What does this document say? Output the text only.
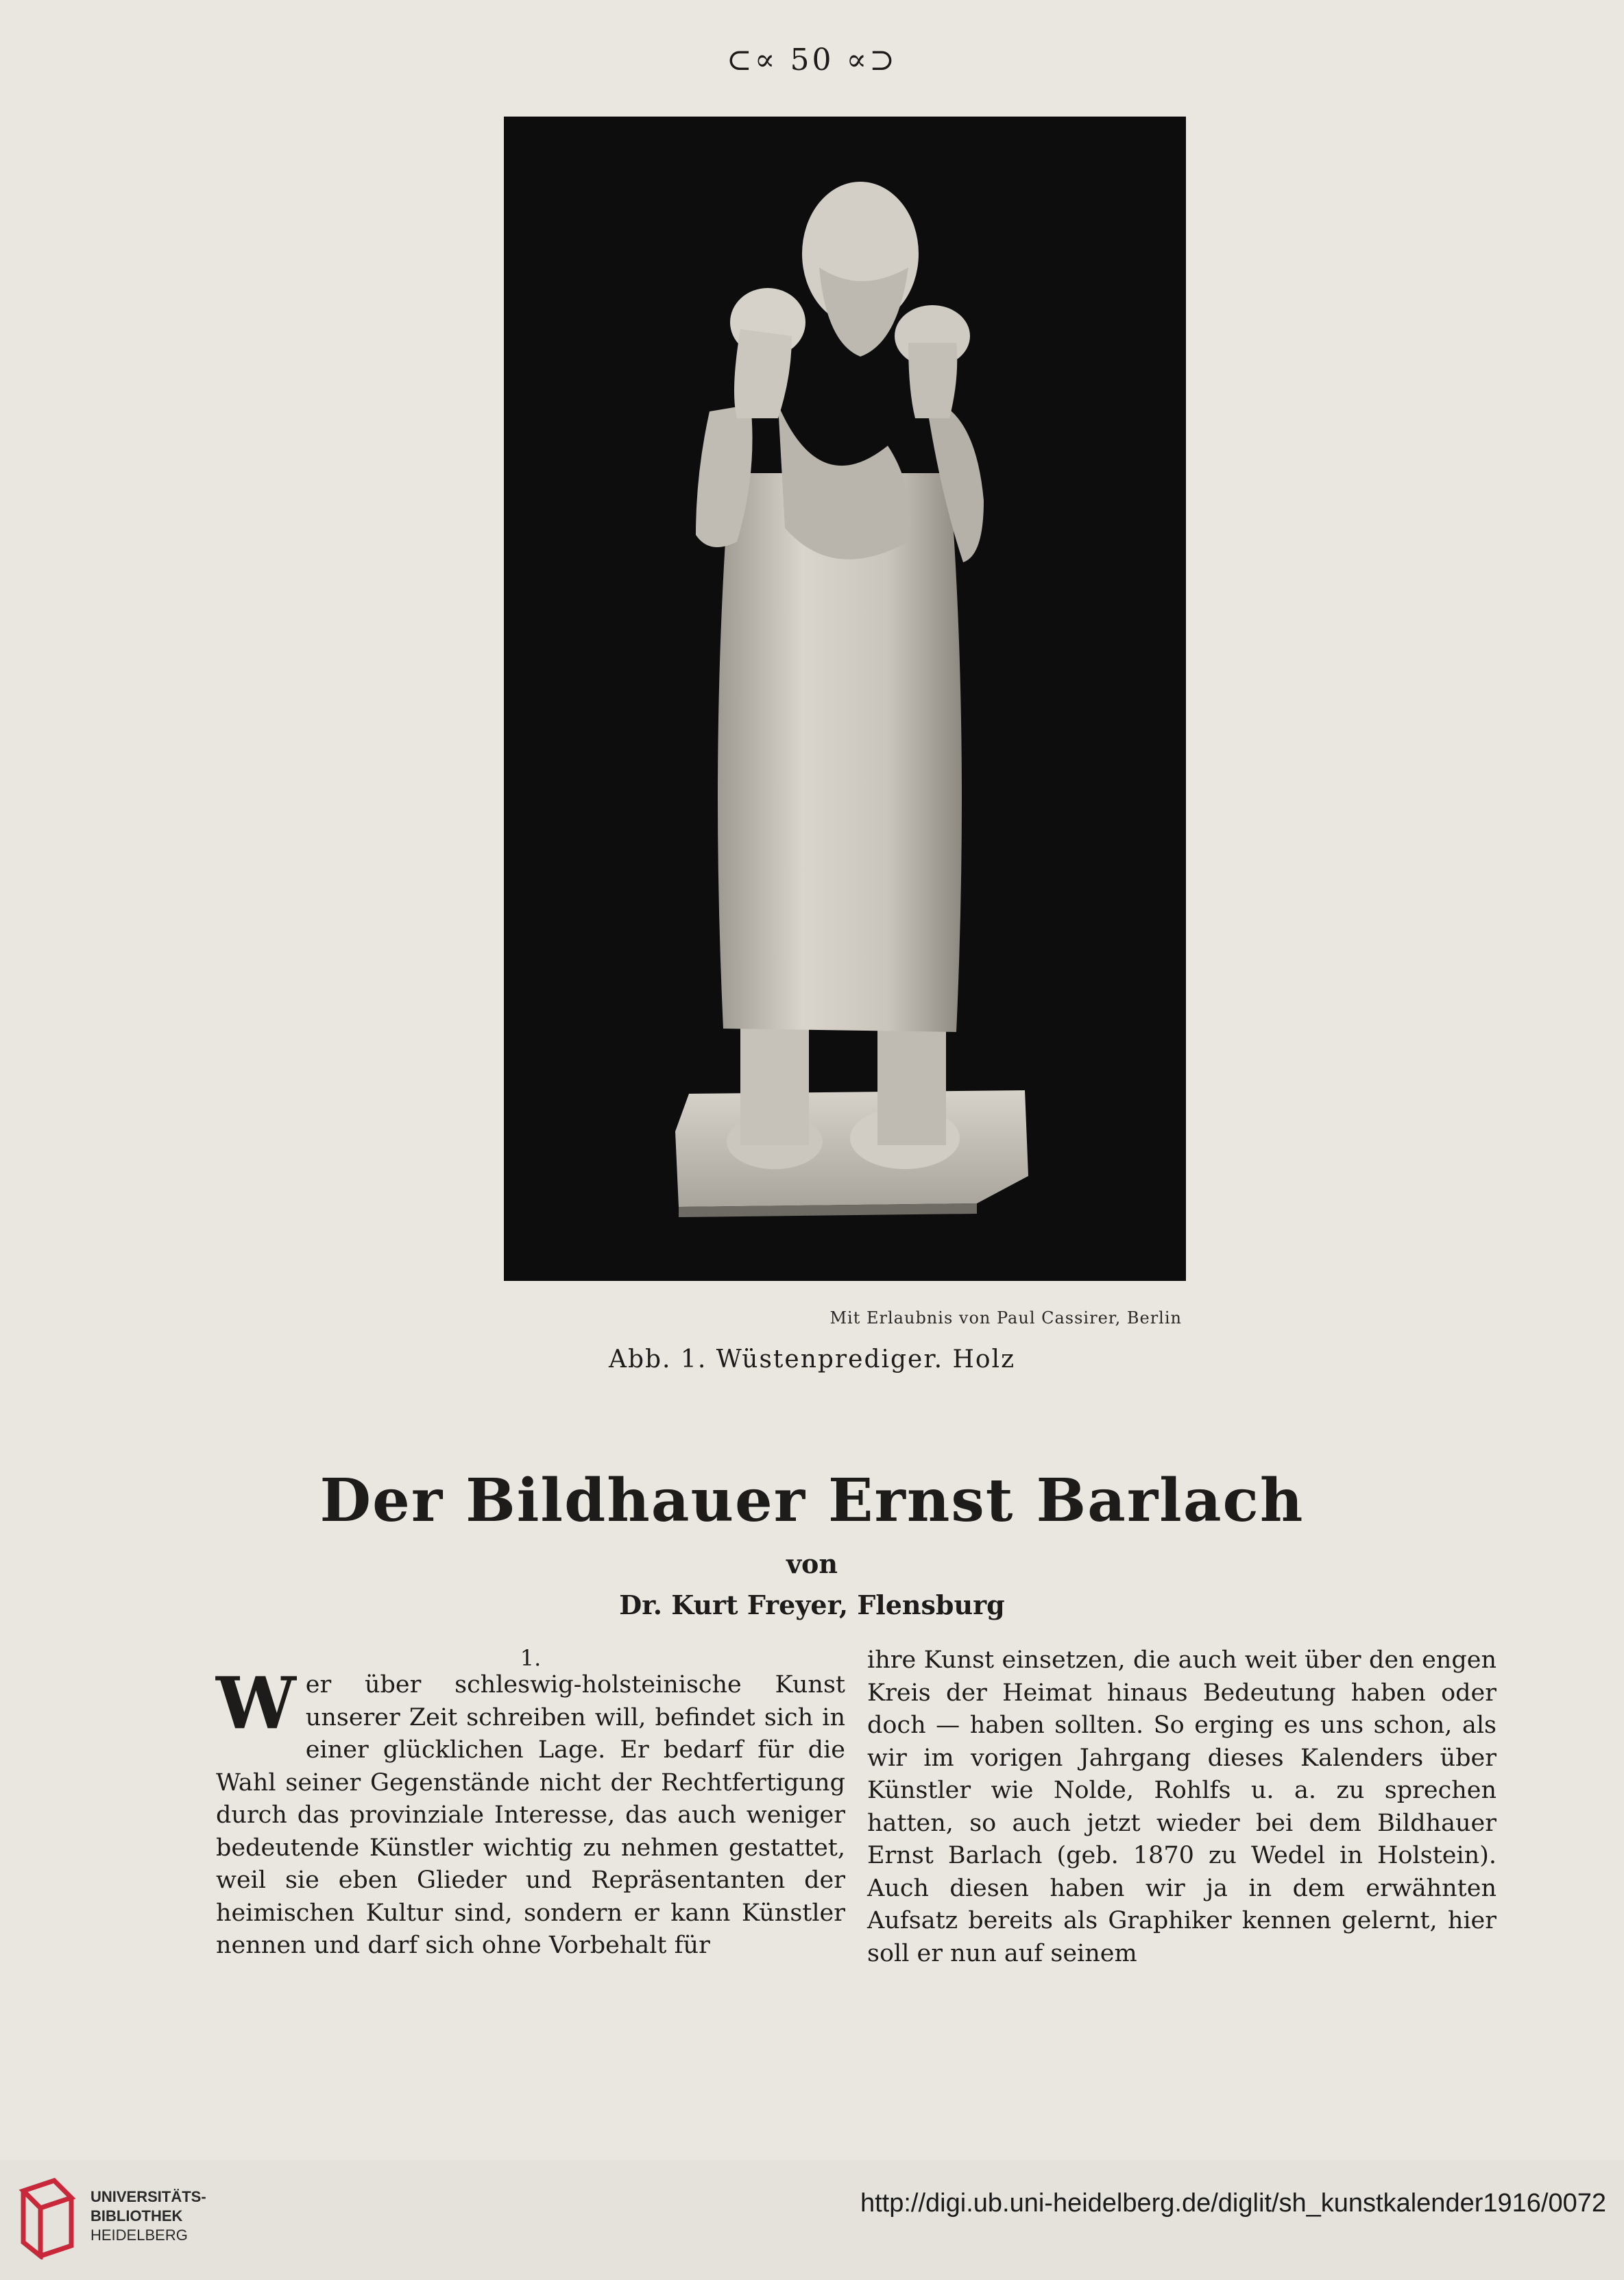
⊂∝ 50 ∝⊃
Mit Erlaubnis von Paul Cassirer, Berlin
Abb. 1. Wüstenprediger. Holz
Der Bildhauer Ernst Barlach
von
Dr. Kurt Freyer, Flensburg
1.
W er über schleswig-holsteinische Kunst unserer Zeit schreiben will, befindet sich in einer glücklichen Lage. Er bedarf für die Wahl seiner Gegenstände nicht der Rechtfertigung durch das provinziale Interesse, das auch weniger bedeutende Künstler wichtig zu nehmen gestattet, weil sie eben Glieder und Repräsentanten der heimischen Kultur sind, sondern er kann Künstler nennen und darf sich ohne Vorbehalt für
ihre Kunst einsetzen, die auch weit über den engen Kreis der Heimat hinaus Bedeutung haben oder doch — haben sollten. So erging es uns schon, als wir im vorigen Jahrgang dieses Kalenders über Künstler wie Nolde, Rohlfs u. a. zu sprechen hatten, so auch jetzt wieder bei dem Bildhauer Ernst Barlach (geb. 1870 zu Wedel in Holstein). Auch diesen haben wir ja in dem erwähnten Aufsatz bereits als Graphiker kennen gelernt, hier soll er nun auf seinem
UNIVERSITÄTS-
BIBLIOTHEK
HEIDELBERG
http://digi.ub.uni-heidelberg.de/diglit/sh_kunstkalender1916/0072
